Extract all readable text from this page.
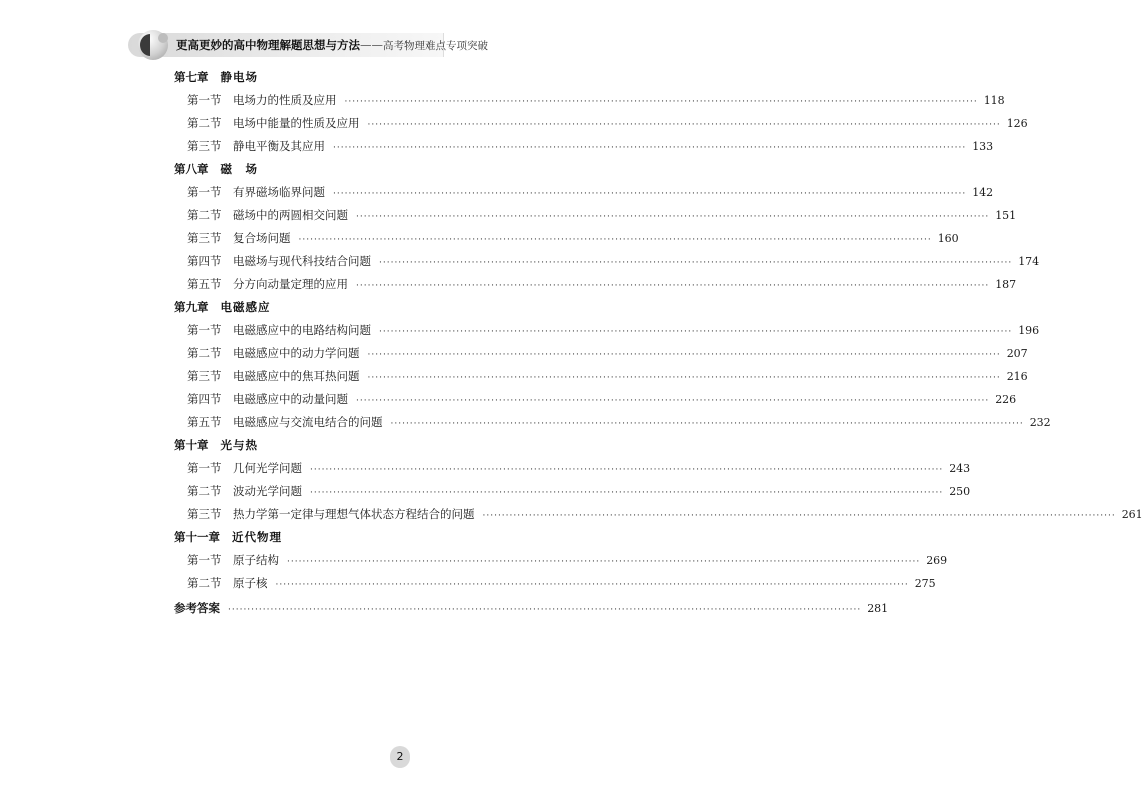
更高更妙的高中物理解题思想与方法——高考物理难点专项突破
第七章 静电场
第一节	电场力的性质及应用 ·····	118
第二节	电场中能量的性质及应用 ·····	126
第三节	静电平衡及其应用 ·····	133
第八章 磁　场
第一节	有界磁场临界问题 ·····	142
第二节	磁场中的两圆相交问题 ·····	151
第三节	复合场问题 ·····	160
第四节	电磁场与现代科技结合问题 ·····	174
第五节	分方向动量定理的应用 ·····	187
第九章 电磁感应
第一节	电磁感应中的电路结构问题 ·····	196
第二节	电磁感应中的动力学问题 ·····	207
第三节	电磁感应中的焦耳热问题 ·····	216
第四节	电磁感应中的动量问题 ·····	226
第五节	电磁感应与交流电结合的问题 ·····	232
第十章 光与热
第一节	几何光学问题 ·····	243
第二节	波动光学问题 ·····	250
第三节	热力学第一定律与理想气体状态方程结合的问题 ·····	261
第十一章 近代物理
第一节	原子结构 ·····	269
第二节	原子核 ·····	275
参考答案 ·····	281
2
